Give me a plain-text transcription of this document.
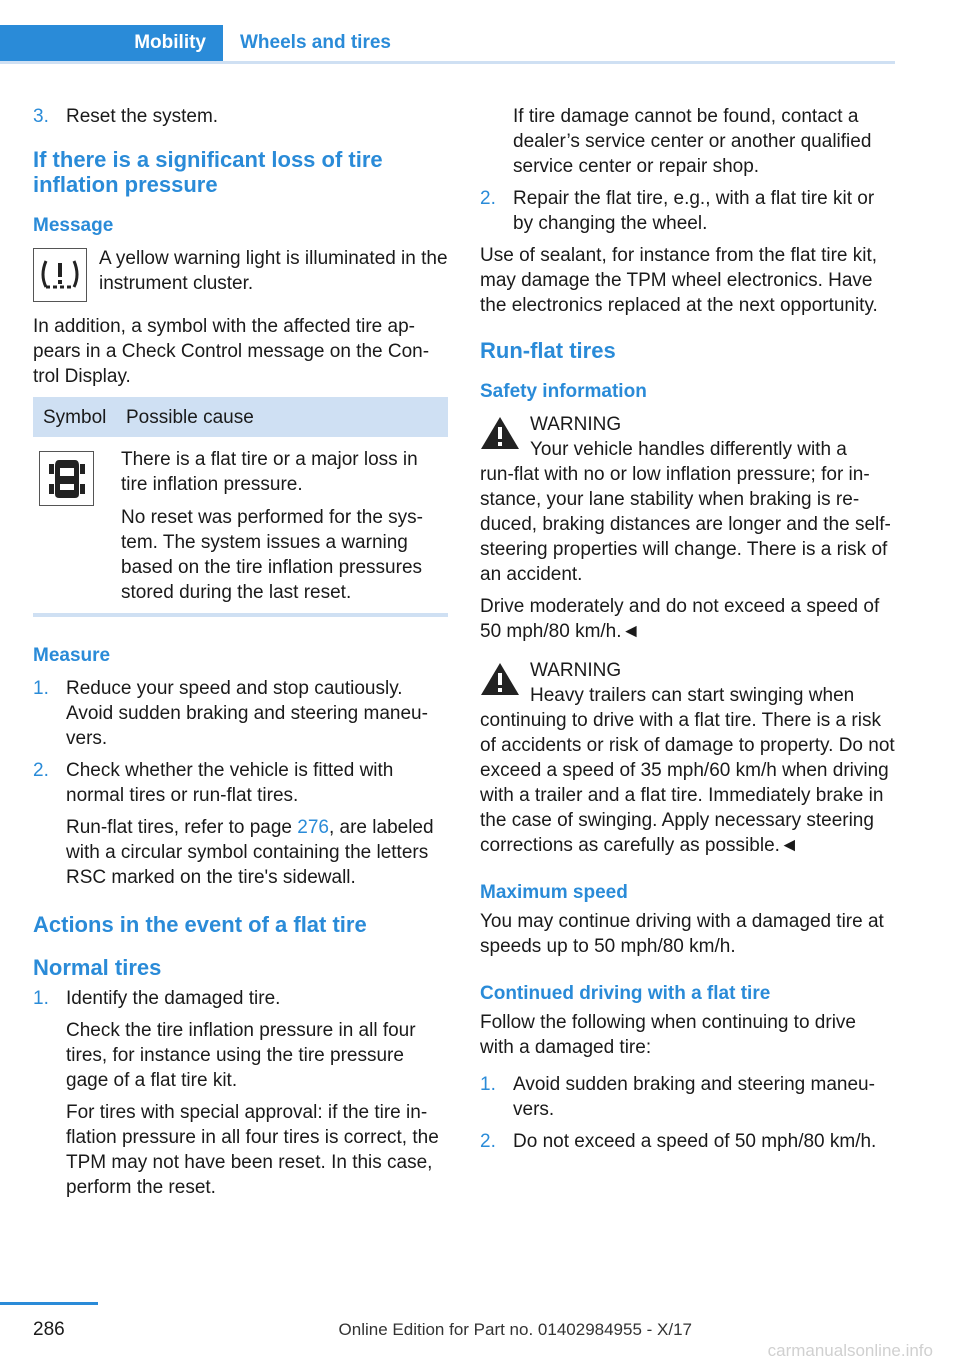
Mobility	Wheels and tires
3. Reset the system.
If there is a significant loss of tire inflation pressure
Message
A yellow warning light is illuminated in the instrument cluster.

In addition, a symbol with the affected tire appears in a Check Control message on the Control Display.

Symbol	Possible cause

There is a flat tire or a major loss in tire inflation pressure.

No reset was performed for the system. The system issues a warning based on the tire inflation pressures stored during the last reset.

Measure
1. Reduce your speed and stop cautiously. Avoid sudden braking and steering maneuvers.
2. Check whether the vehicle is fitted with normal tires or run-flat tires.

Run-flat tires, refer to page 276, are labeled with a circular symbol containing the letters RSC marked on the tire's sidewall.

Actions in the event of a flat tire
Normal tires
1. Identify the damaged tire.

Check the tire inflation pressure in all four tires, for instance using the tire pressure gage of a flat tire kit.

For tires with special approval: if the tire inflation pressure in all four tires is correct, the TPM may not have been reset. In this case, perform the reset.

If tire damage cannot be found, contact a dealer’s service center or another qualified service center or repair shop.

2. Repair the flat tire, e.g., with a flat tire kit or by changing the wheel.

Use of sealant, for instance from the flat tire kit, may damage the TPM wheel electronics. Have the electronics replaced at the next opportunity.

Run-flat tires
Safety information

WARNING

Your vehicle handles differently with a

run-flat with no or low inflation pressure; for instance, your lane stability when braking is reduced, braking distances are longer and the self-steering properties will change. There is a risk of an accident.

Drive moderately and do not exceed a speed of 50 mph/80 km/h.◄

WARNING

Heavy trailers can start swinging when

continuing to drive with a flat tire. There is a risk of accidents or risk of damage to property. Do not exceed a speed of 35 mph/60 km/h when driving with a trailer and a flat tire. Immediately brake in the case of swinging. Apply necessary steering corrections as carefully as possible.◄

Maximum speed

You may continue driving with a damaged tire at speeds up to 50 mph/80 km/h.

Continued driving with a flat tire

Follow the following when continuing to drive with a damaged tire:

1. Avoid sudden braking and steering maneuvers.
2. Do not exceed a speed of 50 mph/80 km/h.
286	Online Edition for Part no. 01402984955 - X/17
carmanualsonline.info
